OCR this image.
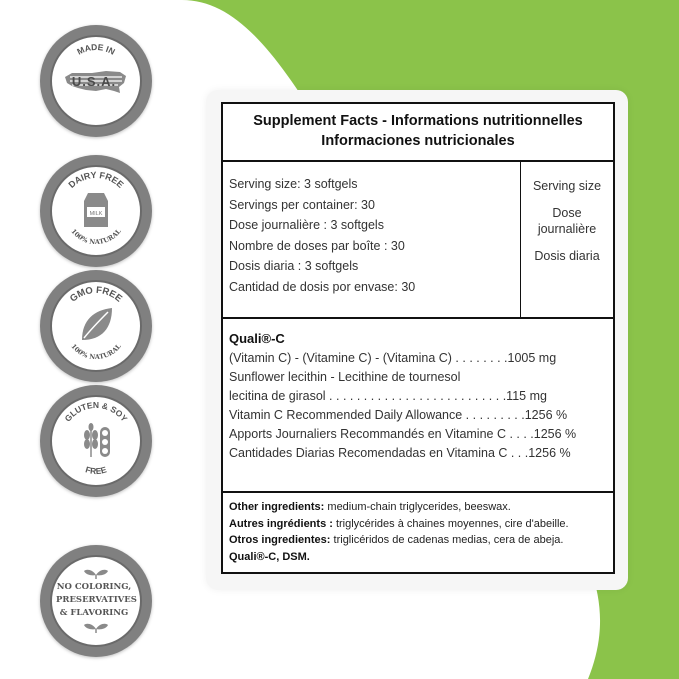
MADE IN
U.S.A.
DAIRY FREE
100% NATURAL
MILK
GMO FREE
100% NATURAL
GLUTEN & SOY
FREE
NO COLORING,
PRESERVATIVES
& FLAVORING
Supplement Facts - Informations nutritionnelles
Informaciones nutricionales
Serving size: 3 softgels
Servings per container: 30
Dose journalière : 3 softgels
Nombre de doses par boîte : 30
Dosis diaria : 3 softgels
Cantidad de dosis por envase: 30
Serving size
Dose
journalière
Dosis diaria
Quali®-C
(Vitamin C) - (Vitamine C) - (Vitamina C) . . . . . . . .1005 mg
Sunflower lecithin - Lecithine de tournesol
lecitina de girasol . . . . . . . . . . . . . . . . . . . . . . . . . .115 mg
Vitamin C Recommended Daily Allowance . . . . . . . . .1256 %
Apports Journaliers Recommandés en Vitamine C . . . .1256 %
Cantidades Diarias Recomendadas en Vitamina C . . .1256 %
Other ingredients: medium-chain triglycerides, beeswax.
Autres ingrédients : triglycérides à chaines moyennes, cire d'abeille.
Otros ingredientes: triglicéridos de cadenas medias, cera de abeja.
Quali®-C, DSM.
